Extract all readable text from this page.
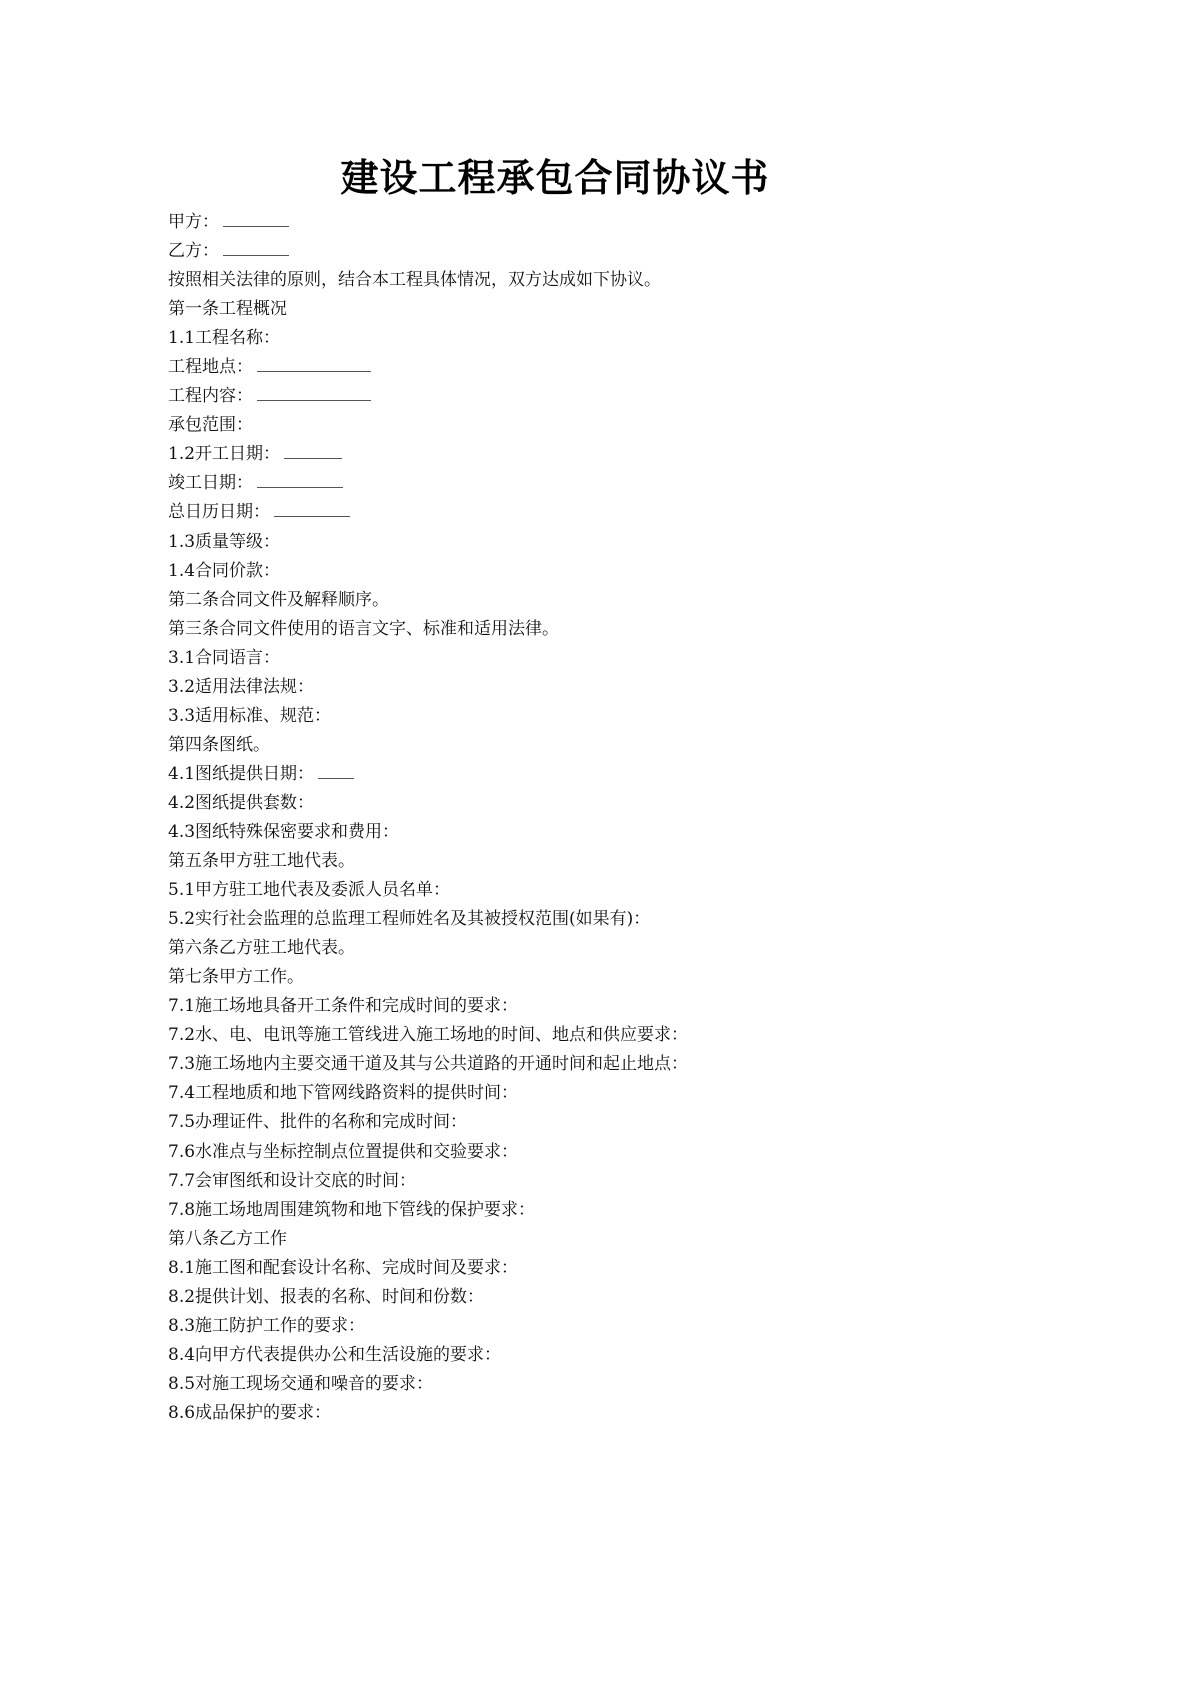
建设工程承包合同协议书
甲方：
乙方：
按照相关法律的原则，结合本工程具体情况，双方达成如下协议。
第一条工程概况
1.1工程名称：
工程地点：
工程内容：
承包范围：
1.2开工日期：
竣工日期：
总日历日期：
1.3质量等级：
1.4合同价款：
第二条合同文件及解释顺序。
第三条合同文件使用的语言文字、标准和适用法律。
3.1合同语言：
3.2适用法律法规：
3.3适用标准、规范：
第四条图纸。
4.1图纸提供日期：
4.2图纸提供套数：
4.3图纸特殊保密要求和费用：
第五条甲方驻工地代表。
5.1甲方驻工地代表及委派人员名单：
5.2实行社会监理的总监理工程师姓名及其被授权范围(如果有)：
第六条乙方驻工地代表。
第七条甲方工作。
7.1施工场地具备开工条件和完成时间的要求：
7.2水、电、电讯等施工管线进入施工场地的时间、地点和供应要求：
7.3施工场地内主要交通干道及其与公共道路的开通时间和起止地点：
7.4工程地质和地下管网线路资料的提供时间：
7.5办理证件、批件的名称和完成时间：
7.6水准点与坐标控制点位置提供和交验要求：
7.7会审图纸和设计交底的时间：
7.8施工场地周围建筑物和地下管线的保护要求：
第八条乙方工作
8.1施工图和配套设计名称、完成时间及要求：
8.2提供计划、报表的名称、时间和份数：
8.3施工防护工作的要求：
8.4向甲方代表提供办公和生活设施的要求：
8.5对施工现场交通和噪音的要求：
8.6成品保护的要求：
